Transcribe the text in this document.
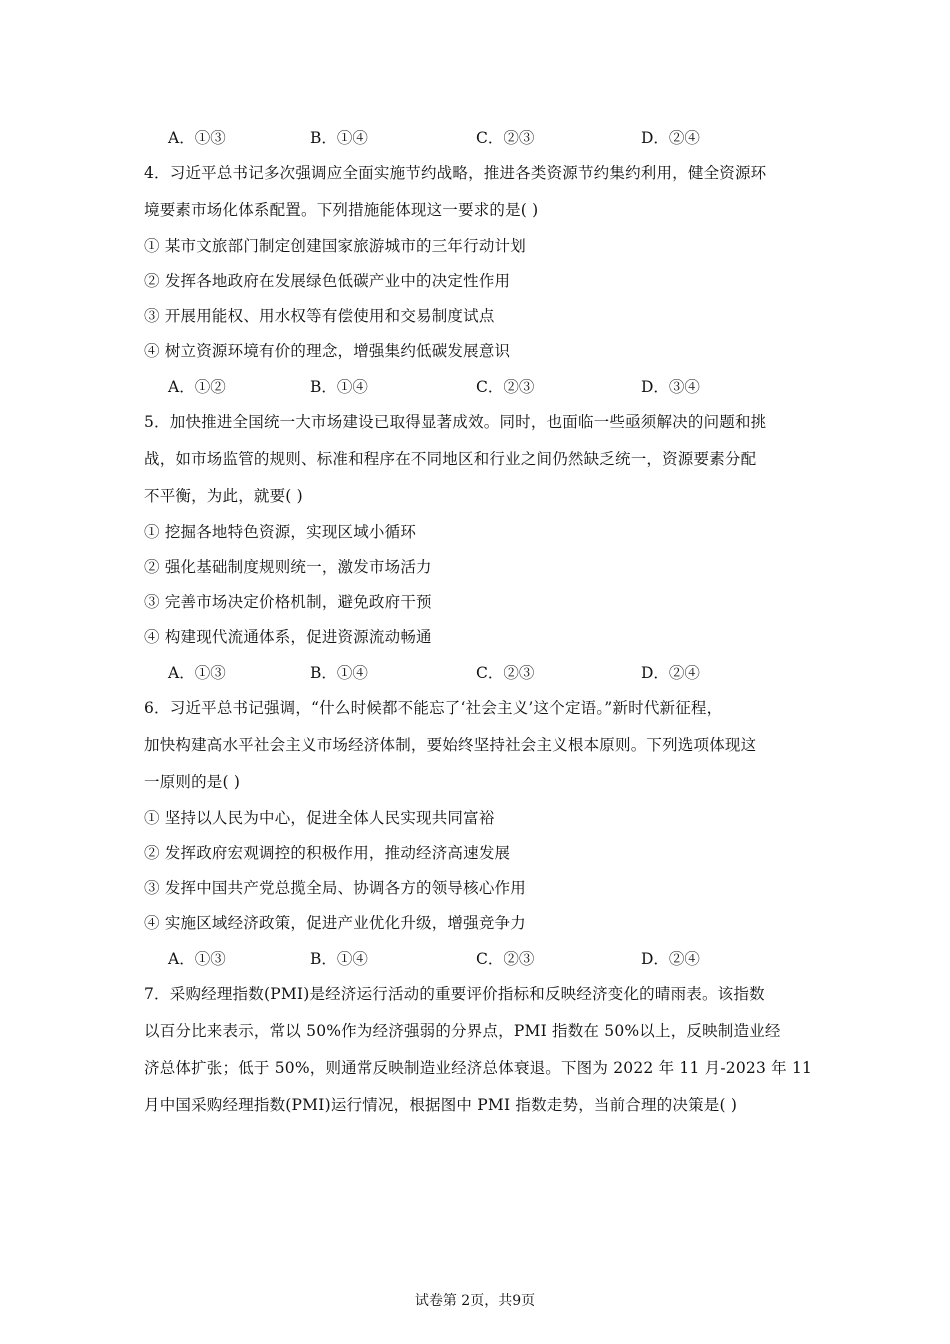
A．①③	B．①④	C．②③	D．②④
4．习近平总书记多次强调应全面实施节约战略，推进各类资源节约集约利用，健全资源环
境要素市场化体系配置。下列措施能体现这一要求的是( )
① 某市文旅部门制定创建国家旅游城市的三年行动计划
② 发挥各地政府在发展绿色低碳产业中的决定性作用
③ 开展用能权、用水权等有偿使用和交易制度试点
④ 树立资源环境有价的理念，增强集约低碳发展意识
A．①②	B．①④	C．②③	D．③④
5．加快推进全国统一大市场建设已取得显著成效。同时，也面临一些亟须解决的问题和挑
战，如市场监管的规则、标准和程序在不同地区和行业之间仍然缺乏统一，资源要素分配
不平衡，为此，就要( )
① 挖掘各地特色资源，实现区域小循环
② 强化基础制度规则统一，激发市场活力
③ 完善市场决定价格机制，避免政府干预
④ 构建现代流通体系，促进资源流动畅通
A．①③	B．①④	C．②③	D．②④
6．习近平总书记强调，“什么时候都不能忘了‘社会主义’这个定语。”新时代新征程，
加快构建高水平社会主义市场经济体制，要始终坚持社会主义根本原则。下列选项体现这
一原则的是( )
① 坚持以人民为中心，促进全体人民实现共同富裕
② 发挥政府宏观调控的积极作用，推动经济高速发展
③ 发挥中国共产党总揽全局、协调各方的领导核心作用
④ 实施区域经济政策，促进产业优化升级，增强竞争力
A．①③	B．①④	C．②③	D．②④
7．采购经理指数(PMI)是经济运行活动的重要评价指标和反映经济变化的晴雨表。该指数
以百分比来表示，常以 50%作为经济强弱的分界点，PMI 指数在 50%以上，反映制造业经
济总体扩张；低于 50%，则通常反映制造业经济总体衰退。下图为 2022 年 11 月-2023 年 11
月中国采购经理指数(PMI)运行情况，根据图中 PMI 指数走势，当前合理的决策是( )
试卷第 2页，共9页
